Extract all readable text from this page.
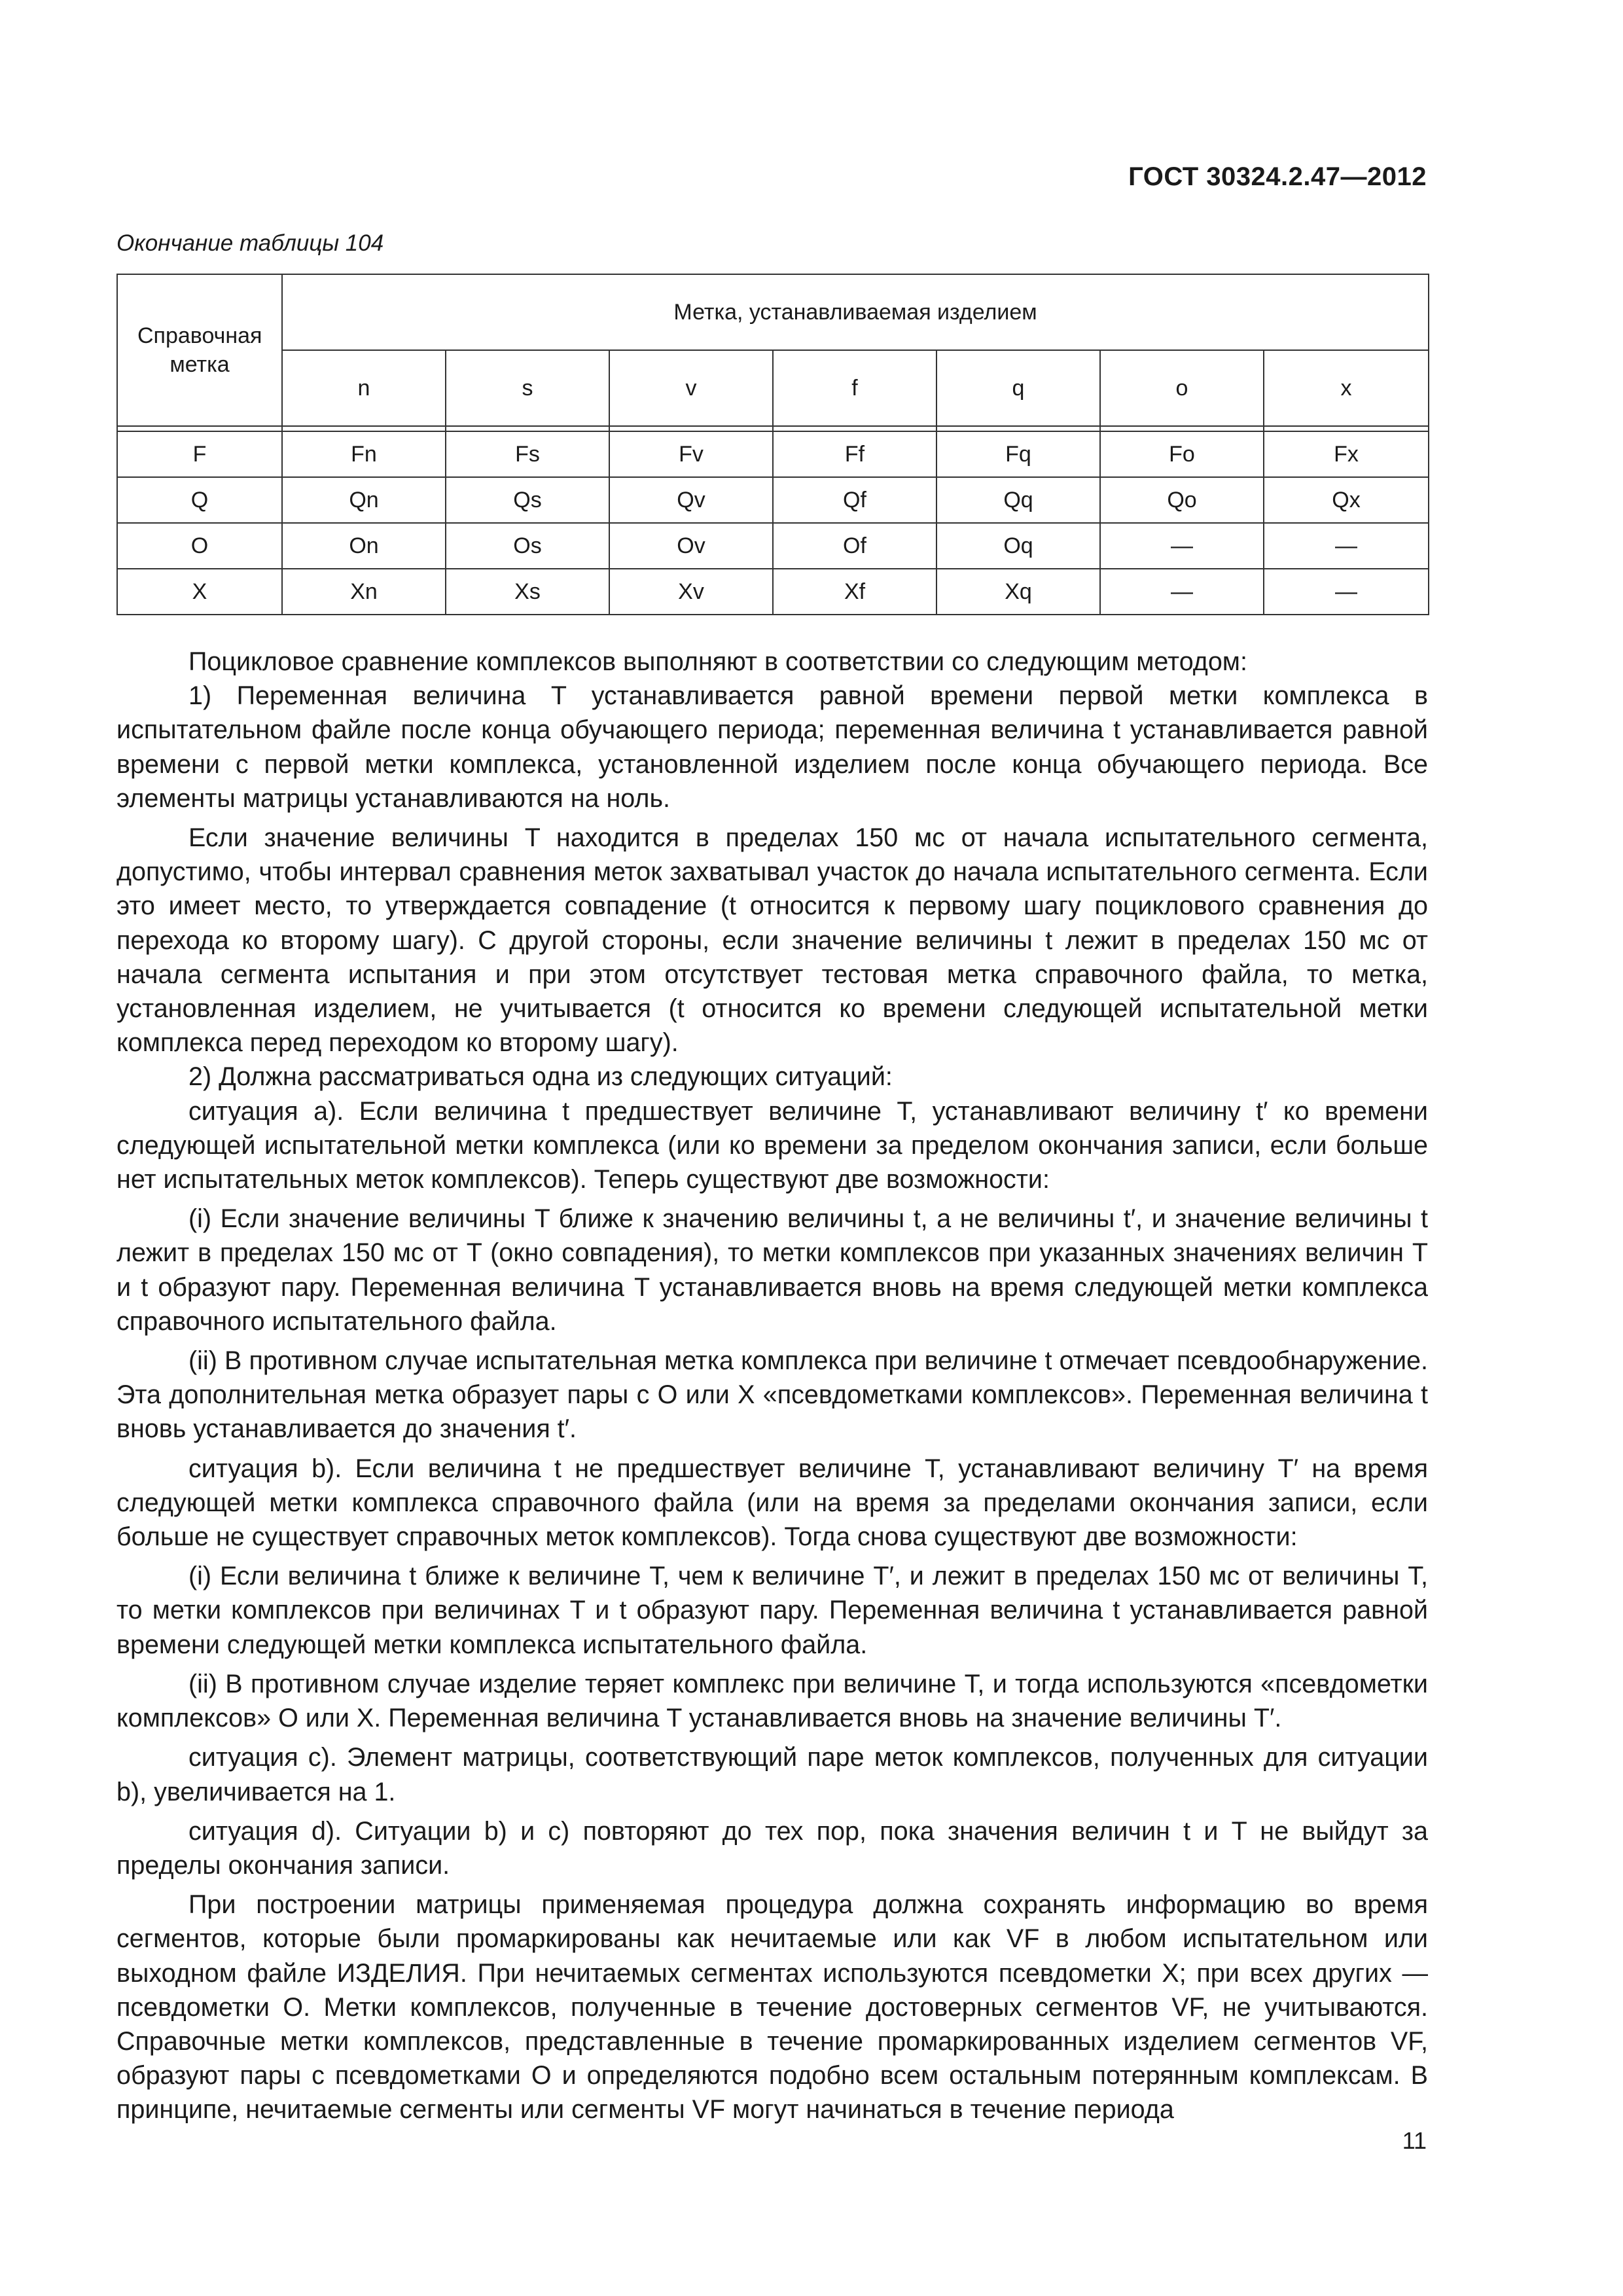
ГОСТ 30324.2.47—2012
Окончание таблицы 104
Справочная метка	Метка, устанавливаемая изделием						
	n	s	v	f	q	o	x

F	Fn	Fs	Fv	Ff	Fq	Fo	Fx
Q	Qn	Qs	Qv	Qf	Qq	Qo	Qx
O	On	Os	Ov	Of	Oq	—	—
X	Xn	Xs	Xv	Xf	Xq	—	—

Поцикловое сравнение комплексов выполняют в соответствии со следующим методом:

1) Переменная величина T устанавливается равной времени первой метки комплекса в испытательном файле после конца обучающего периода; переменная величина t устанавливается равной времени с первой метки комплекса, установленной изделием после конца обучающего периода. Все элементы матрицы устанавливаются на ноль.

Если значение величины T находится в пределах 150 мс от начала испытательного сегмента, допустимо, чтобы интервал сравнения меток захватывал участок до начала испытательного сегмента. Если это имеет место, то утверждается совпадение (t относится к первому шагу поциклового сравнения до перехода ко второму шагу). С другой стороны, если значение величины t лежит в пределах 150 мс от начала сегмента испытания и при этом отсутствует тестовая метка справочного файла, то метка, установленная изделием, не учитывается (t относится ко времени следующей испытательной метки комплекса перед переходом ко второму шагу).

2) Должна рассматриваться одна из следующих ситуаций:

ситуация а). Если величина t предшествует величине T, устанавливают величину t′ ко времени следующей испытательной метки комплекса (или ко времени за пределом окончания записи, если больше нет испытательных меток комплексов). Теперь существуют две возможности:

(i) Если значение величины T ближе к значению величины t, а не величины t′, и значение величины t лежит в пределах 150 мс от T (окно совпадения), то метки комплексов при указанных значениях величин T и t образуют пару. Переменная величина T устанавливается вновь на время следующей метки комплекса справочного испытательного файла.

(ii) В противном случае испытательная метка комплекса при величине t отмечает псевдообнаружение. Эта дополнительная метка образует пары с O или X «псевдометками комплексов». Переменная величина t вновь устанавливается до значения t′.

ситуация b). Если величина t не предшествует величине T, устанавливают величину T′ на время следующей метки комплекса справочного файла (или на время за пределами окончания записи, если больше не существует справочных меток комплексов). Тогда снова существуют две возможности:

(i) Если величина t ближе к величине T, чем к величине T′, и лежит в пределах 150 мс от величины T, то метки комплексов при величинах T и t образуют пару. Переменная величина t устанавливается равной времени следующей метки комплекса испытательного файла.

(ii) В противном случае изделие теряет комплекс при величине T, и тогда используются «псевдометки комплексов» O или X. Переменная величина T устанавливается вновь на значение величины T′.

ситуация с). Элемент матрицы, соответствующий паре меток комплексов, полученных для ситуации b), увеличивается на 1.

ситуация d). Ситуации b) и c) повторяют до тех пор, пока значения величин t и T не выйдут за пределы окончания записи.

При построении матрицы применяемая процедура должна сохранять информацию во время сегментов, которые были промаркированы как нечитаемые или как VF в любом испытательном или выходном файле ИЗДЕЛИЯ. При нечитаемых сегментах используются псевдометки X; при всех других — псевдометки O. Метки комплексов, полученные в течение достоверных сегментов VF, не учитываются. Справочные метки комплексов, представленные в течение промаркированных изделием сегментов VF, образуют пары с псевдометками O и определяются подобно всем остальным потерянным комплексам. В принципе, нечитаемые сегменты или сегменты VF могут начинаться в течение периода

11
